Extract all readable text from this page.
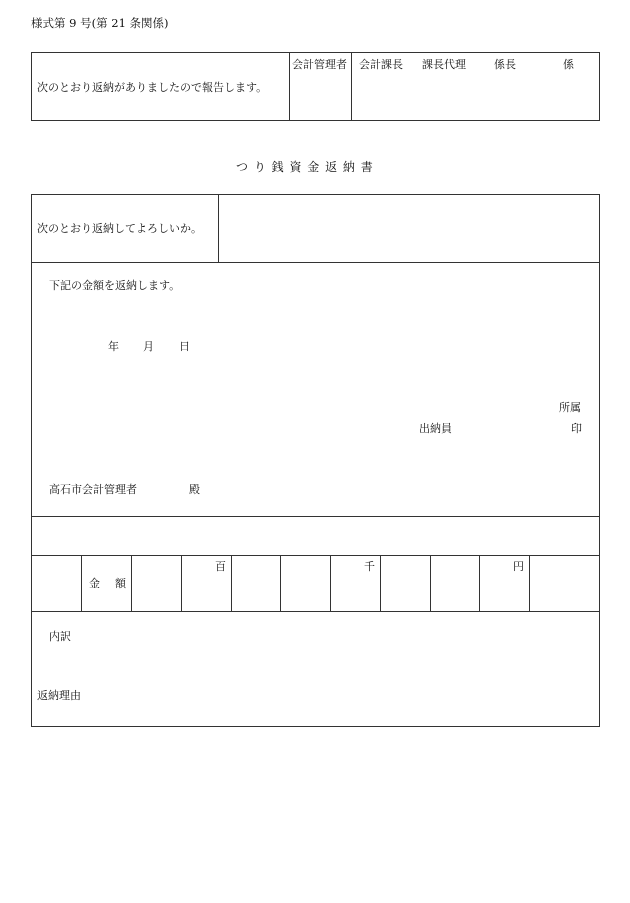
様式第 9 号(第 21 条関係)
次のとおり返納がありましたので報告します。
会計管理者 会計課長 課長代理	係長	係
つ り 銭 資 金 返 納 書
次のとおり返納してよろしいか。
下記の金額を返納します。
年 月 日
所属
出納員	印
高石市会計管理者	殿
金 額
百	千	円
内訳
返納理由
